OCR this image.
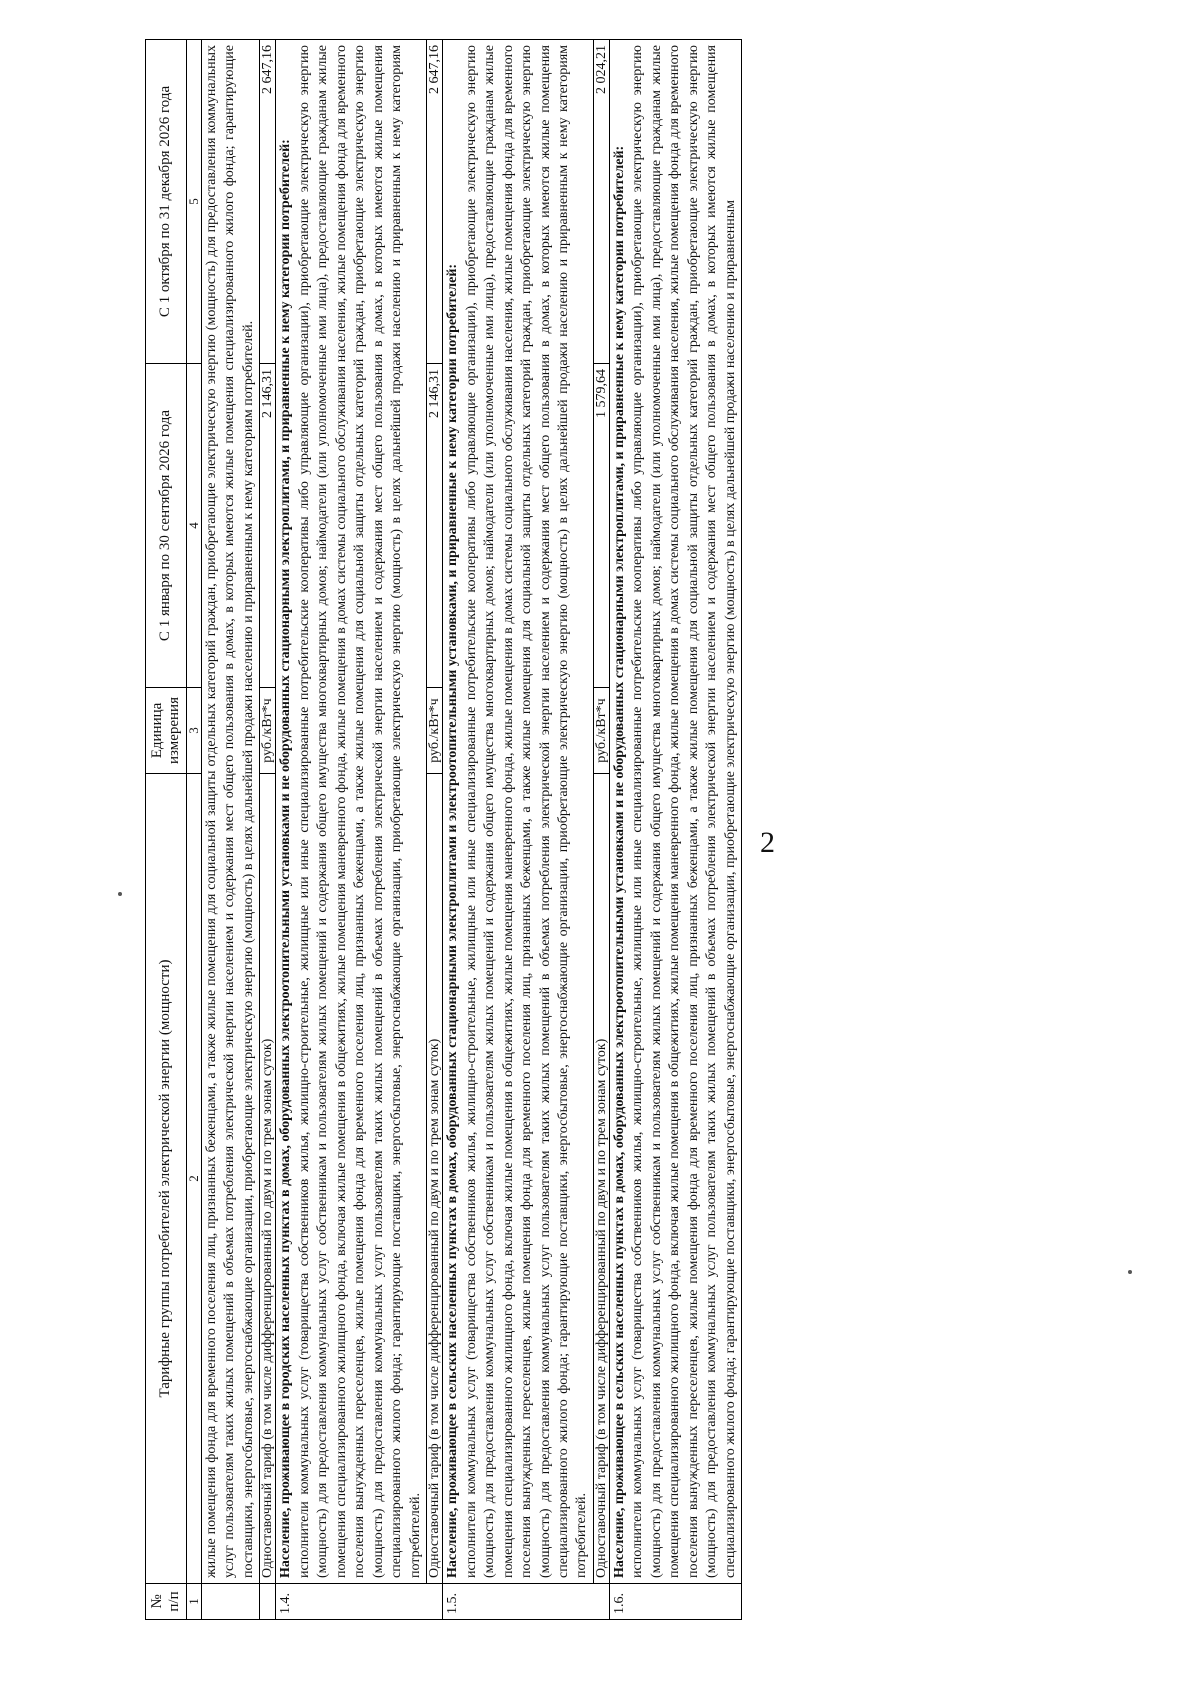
2
№ п/п	Тарифные группы потребителей электрической энергии (мощности)	Единица измерения	С 1 января по 30 сентября 2026 года	С 1 октября по 31 декабря 2026 года
1	2	3	4	5
	жилые помещения фонда для временного поселения лиц, признанных беженцами, а также жилые помещения для социальной защиты отдельных категорий граждан, приобретающие электрическую энергию (мощность) для предоставления коммунальных услуг пользователям таких жилых помещений в объемах потребления электрической энергии населением и содержания мест общего пользования в домах, в которых имеются жилые помещения специализированного жилого фонда; гарантирующие поставщики, энергосбытовые, энергоснабжающие организации, приобретающие электрическую энергию (мощность) в целях дальнейшей продажи населению и приравненным к нему категориям потребителей.			
	Одноставочный тариф (в том числе дифференцированный по двум и по трем зонам суток)	руб./кВт*ч	2 146,31	2 647,16
1.4.	Население, проживающее в городских населенных пунктах в домах, оборудованных электроотопительными установками и не оборудованных стационарными электроплитами, и приравненные к нему категории потребителей: исполнители коммунальных услуг (товарищества собственников жилья, жилищно-строительные, жилищные или иные специализированные потребительские кооперативы либо управляющие организации), приобретающие электрическую энергию (мощность) для предоставления коммунальных услуг собственникам и пользователям жилых помещений и содержания общего имущества многоквартирных домов; наймодатели (или уполномоченные ими лица), предоставляющие гражданам жилые помещения специализированного жилищного фонда, включая жилые помещения в общежитиях, жилые помещения маневренного фонда, жилые помещения в домах системы социального обслуживания населения, жилые помещения фонда для временного поселения вынужденных переселенцев, жилые помещения фонда для временного поселения лиц, признанных беженцами, а также жилые помещения для социальной защиты отдельных категорий граждан, приобретающие электрическую энергию (мощность) для предоставления коммунальных услуг пользователям таких жилых помещений в объемах потребления электрической энергии населением и содержания мест общего пользования в домах, в которых имеются жилые помещения специализированного жилого фонда; гарантирующие поставщики, энергосбытовые, энергоснабжающие организации, приобретающие электрическую энергию (мощность) в целях дальнейшей продажи населению и приравненным к нему категориям потребителей.			

	Одноставочный тариф (в том числе дифференцированный по двум и по трем зонам суток)	руб./кВт*ч	2 146,31	2 647,16
1.5.	Население, проживающее в сельских населенных пунктах в домах, оборудованных стационарными электроплитами и электроотопительными установками, и приравненные к нему категории потребителей: исполнители коммунальных услуг (товарищества собственников жилья, жилищно-строительные, жилищные или иные специализированные потребительские кооперативы либо управляющие организации), приобретающие электрическую энергию (мощность) для предоставления коммунальных услуг собственникам и пользователям жилых помещений и содержания общего имущества многоквартирных домов; наймодатели (или уполномоченные ими лица), предоставляющие гражданам жилые помещения специализированного жилищного фонда, включая жилые помещения в общежитиях, жилые помещения маневренного фонда, жилые помещения в домах системы социального обслуживания населения, жилые помещения фонда для временного поселения вынужденных переселенцев, жилые помещения фонда для временного поселения лиц, признанных беженцами, а также жилые помещения для социальной защиты отдельных категорий граждан, приобретающие электрическую энергию (мощность) для предоставления коммунальных услуг пользователям таких жилых помещений в объемах потребления электрической энергии населением и содержания мест общего пользования в домах, в которых имеются жилые помещения специализированного жилого фонда; гарантирующие поставщики, энергосбытовые, энергоснабжающие организации, приобретающие электрическую энергию (мощность) в целях дальнейшей продажи населению и приравненным к нему категориям потребителей.			

	Одноставочный тариф (в том числе дифференцированный по двум и по трем зонам суток)	руб./кВт*ч	1 579,64	2 024,21
1.6.	Население, проживающее в сельских населенных пунктах в домах, оборудованных электроотопительными установками и не оборудованных стационарными электроплитами, и приравненные к нему категории потребителей: исполнители коммунальных услуг (товарищества собственников жилья, жилищно-строительные, жилищные или иные специализированные потребительские кооперативы либо управляющие организации), приобретающие электрическую энергию (мощность) для предоставления коммунальных услуг собственникам и пользователям жилых помещений и содержания общего имущества многоквартирных домов; наймодатели (или уполномоченные ими лица), предоставляющие гражданам жилые помещения специализированного жилищного фонда, включая жилые помещения в общежитиях, жилые помещения маневренного фонда, жилые помещения в домах системы социального обслуживания населения, жилые помещения фонда для временного поселения вынужденных переселенцев, жилые помещения фонда для временного поселения лиц, признанных беженцами, а также жилые помещения для социальной защиты отдельных категорий граждан, приобретающие электрическую энергию (мощность) для предоставления коммунальных услуг пользователям таких жилых помещений в объемах потребления электрической энергии населением и содержания мест общего пользования в домах, в которых имеются жилые помещения специализированного жилого фонда; гарантирующие поставщики, энергосбытовые, энергоснабжающие организации, приобретающие электрическую энергию (мощность) в целях дальнейшей продажи населению и приравненным			
